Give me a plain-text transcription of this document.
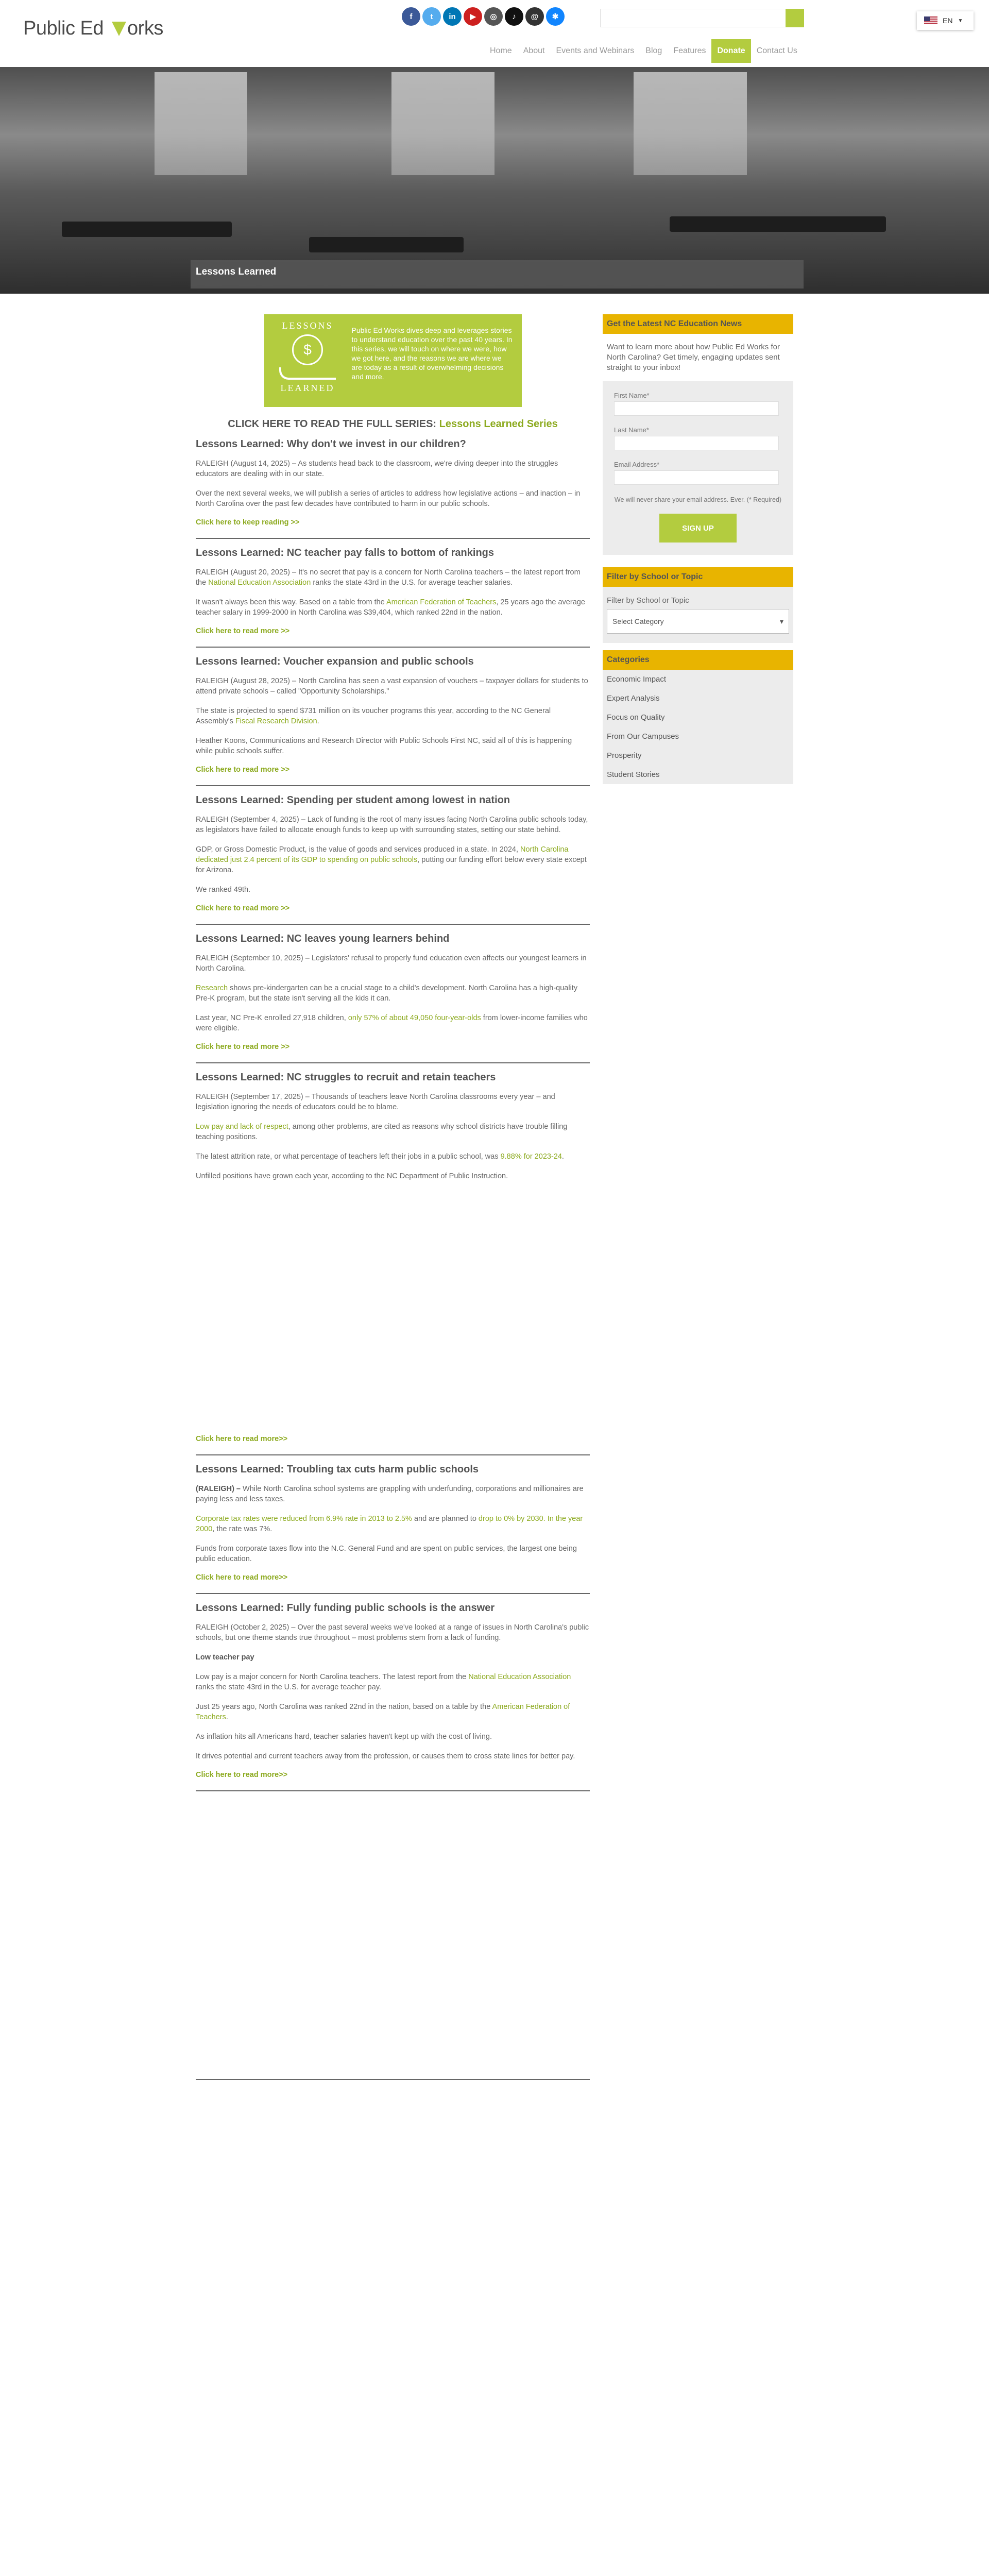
Public Ed orks
f	t	in	▶	◎	♪	@	✱	EN ▼
Home	About	Events and Webinars	Blog	Features	Donate	Contact Us
Lessons Learned
LESSONS
$
LEARNED
Public Ed Works dives deep and leverages stories to understand education over the past 40 years. In this series, we will touch on where we were, how we got here, and the reasons we are where we are today as a result of overwhelming decisions and more.
CLICK HERE TO READ THE FULL SERIES: Lessons Learned Series
Lessons Learned: Why don't we invest in our children?

RALEIGH (August 14, 2025) – As students head back to the classroom, we're diving deeper into the struggles educators are dealing with in our state.

Over the next several weeks, we will publish a series of articles to address how legislative actions – and inaction – in North Carolina over the past few decades have contributed to harm in our public schools.

Click here to keep reading >>
Lessons Learned: NC teacher pay falls to bottom of rankings

RALEIGH (August 20, 2025) – It's no secret that pay is a concern for North Carolina teachers – the latest report from the National Education Association ranks the state 43rd in the U.S. for average teacher salaries.

It wasn't always been this way. Based on a table from the American Federation of Teachers, 25 years ago the average teacher salary in 1999-2000 in North Carolina was $39,404, which ranked 22nd in the nation.

Click here to read more >>
Lessons learned: Voucher expansion and public schools

RALEIGH (August 28, 2025) – North Carolina has seen a vast expansion of vouchers – taxpayer dollars for students to attend private schools – called "Opportunity Scholarships."

The state is projected to spend $731 million on its voucher programs this year, according to the NC General Assembly's Fiscal Research Division.

Heather Koons, Communications and Research Director with Public Schools First NC, said all of this is happening while public schools suffer.

Click here to read more >>
Lessons Learned: Spending per student among lowest in nation

RALEIGH (September 4, 2025) – Lack of funding is the root of many issues facing North Carolina public schools today, as legislators have failed to allocate enough funds to keep up with surrounding states, setting our state behind.

GDP, or Gross Domestic Product, is the value of goods and services produced in a state. In 2024, North Carolina dedicated just 2.4 percent of its GDP to spending on public schools, putting our funding effort below every state except for Arizona.

We ranked 49th.

Click here to read more >>
Lessons Learned: NC leaves young learners behind

RALEIGH (September 10, 2025) – Legislators' refusal to properly fund education even affects our youngest learners in North Carolina.

Research shows pre-kindergarten can be a crucial stage to a child's development. North Carolina has a high-quality Pre-K program, but the state isn't serving all the kids it can.

Last year, NC Pre-K enrolled 27,918 children, only 57% of about 49,050 four-year-olds from lower-income families who were eligible.

Click here to read more >>
Lessons Learned: NC struggles to recruit and retain teachers

RALEIGH (September 17, 2025) – Thousands of teachers leave North Carolina classrooms every year – and legislation ignoring the needs of educators could be to blame.

Low pay and lack of respect, among other problems, are cited as reasons why school districts have trouble filling teaching positions.

The latest attrition rate, or what percentage of teachers left their jobs in a public school, was 9.88% for 2023-24.

Unfilled positions have grown each year, according to the NC Department of Public Instruction.

Click here to read more>>
Lessons Learned: Troubling tax cuts harm public schools

(RALEIGH) – While North Carolina school systems are grappling with underfunding, corporations and millionaires are paying less and less taxes.

Corporate tax rates were reduced from 6.9% rate in 2013 to 2.5% and are planned to drop to 0% by 2030. In the year 2000, the rate was 7%.

Funds from corporate taxes flow into the N.C. General Fund and are spent on public services, the largest one being public education.

Click here to read more>>
Lessons Learned: Fully funding public schools is the answer

RALEIGH (October 2, 2025) – Over the past several weeks we've looked at a range of issues in North Carolina's public schools, but one theme stands true throughout – most problems stem from a lack of funding.

Low teacher pay

Low pay is a major concern for North Carolina teachers. The latest report from the National Education Association ranks the state 43rd in the U.S. for average teacher pay.

Just 25 years ago, North Carolina was ranked 22nd in the nation, based on a table by the American Federation of Teachers.

As inflation hits all Americans hard, teacher salaries haven't kept up with the cost of living.

It drives potential and current teachers away from the profession, or causes them to cross state lines for better pay.

Click here to read more>>
Get the Latest NC Education News
Want to learn more about how Public Ed Works for North Carolina? Get timely, engaging updates sent straight to your inbox!
First Name*
Last Name*
Email Address*
We will never share your email address. Ever. (* Required)
SIGN UP
Filter by School or Topic
Filter by School or Topic
Select Category	▾
Categories
Economic Impact
Expert Analysis
Focus on Quality
From Our Campuses
Prosperity
Student Stories
